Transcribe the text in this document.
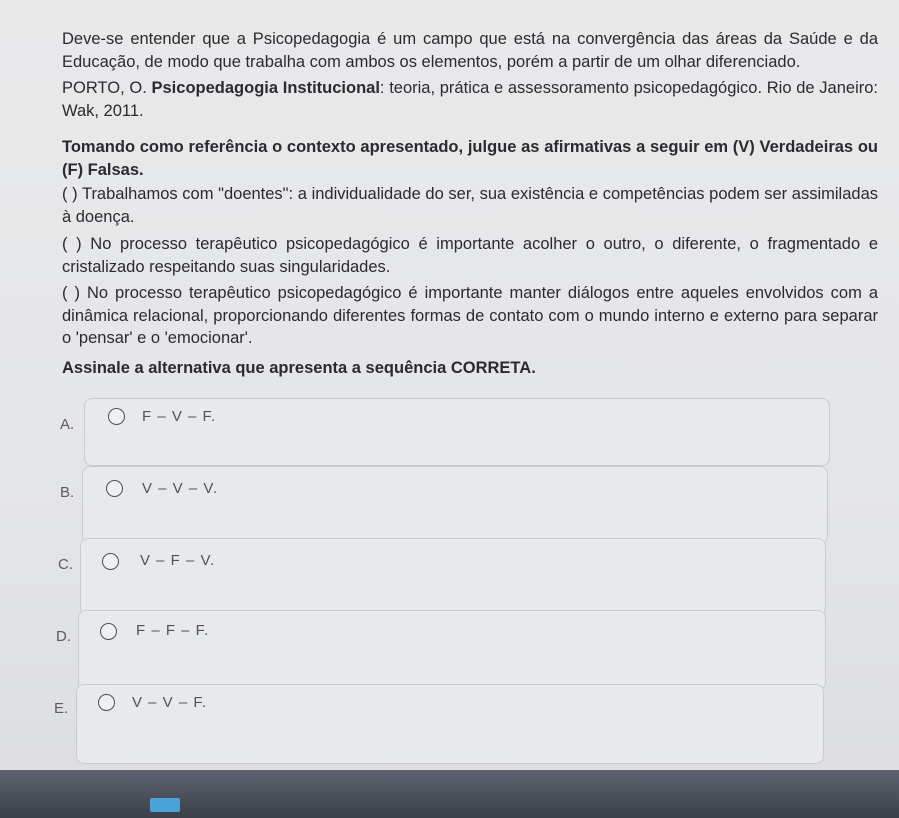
Deve-se entender que a Psicopedagogia é um campo que está na convergência das áreas da Saúde e da Educação, de modo que trabalha com ambos os elementos, porém a partir de um olhar diferenciado.

PORTO, O. Psicopedagogia Institucional: teoria, prática e assessoramento psicopedagógico. Rio de Janeiro: Wak, 2011.

Tomando como referência o contexto apresentado, julgue as afirmativas a seguir em (V) Verdadeiras ou (F) Falsas.

( ) Trabalhamos com "doentes": a individualidade do ser, sua existência e competências podem ser assimiladas à doença.

( ) No processo terapêutico psicopedagógico é importante acolher o outro, o diferente, o fragmentado e cristalizado respeitando suas singularidades.

( ) No processo terapêutico psicopedagógico é importante manter diálogos entre aqueles envolvidos com a dinâmica relacional, proporcionando diferentes formas de contato com o mundo interno e externo para separar o 'pensar' e o 'emocionar'.

Assinale a alternativa que apresenta a sequência CORRETA.

A.	F – V – F.
B.	V – V – V.
C.	V – F – V.
D.	F – F – F.
E.	V – V – F.
